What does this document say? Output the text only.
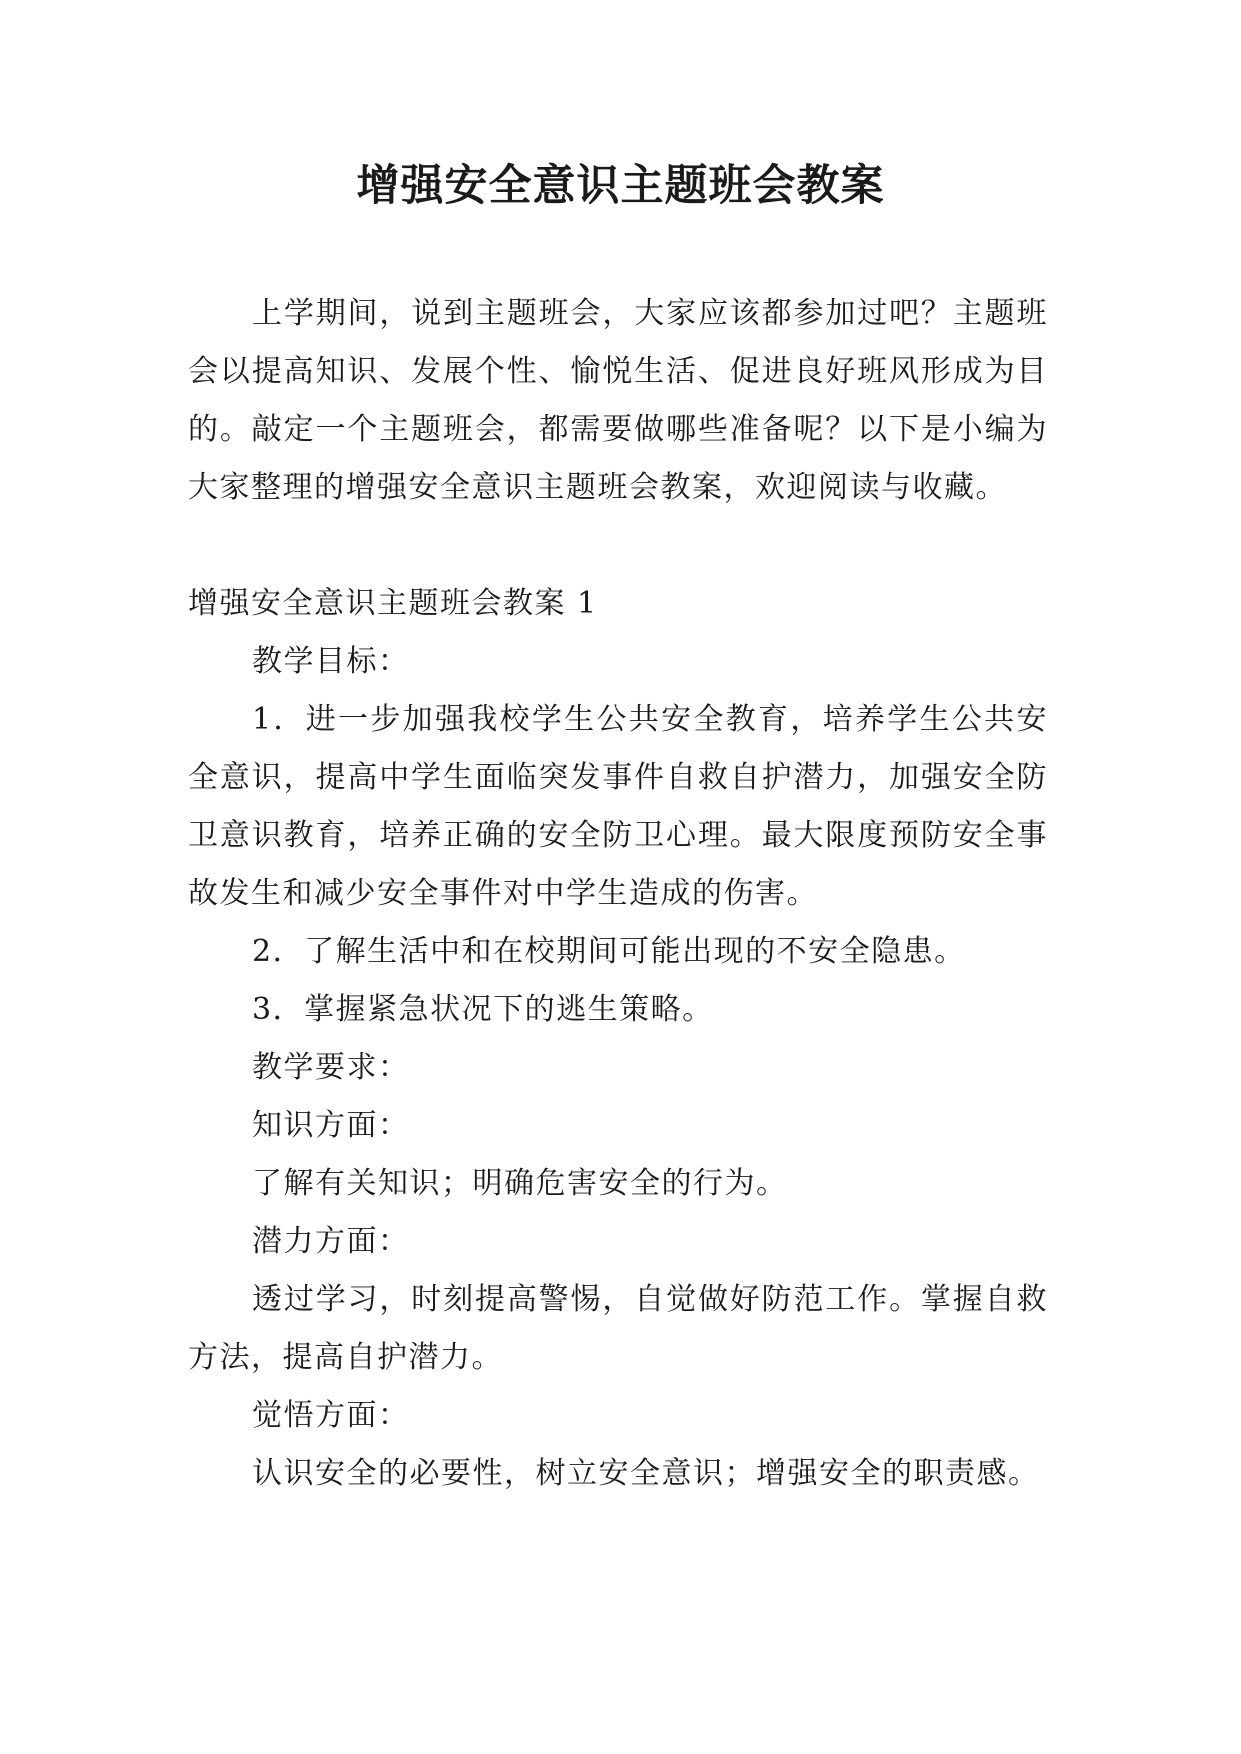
增强安全意识主题班会教案

上学期间，说到主题班会，大家应该都参加过吧？主题班会以提高知识、发展个性、愉悦生活、促进良好班风形成为目的。敲定一个主题班会，都需要做哪些准备呢？以下是小编为大家整理的增强安全意识主题班会教案，欢迎阅读与收藏。

增强安全意识主题班会教案 1

教学目标：

1．进一步加强我校学生公共安全教育，培养学生公共安全意识，提高中学生面临突发事件自救自护潜力，加强安全防卫意识教育，培养正确的安全防卫心理。最大限度预防安全事故发生和减少安全事件对中学生造成的伤害。

2．了解生活中和在校期间可能出现的不安全隐患。

3．掌握紧急状况下的逃生策略。

教学要求：

知识方面：

了解有关知识；明确危害安全的行为。

潜力方面：

透过学习，时刻提高警惕，自觉做好防范工作。掌握自救方法，提高自护潜力。

觉悟方面：

认识安全的必要性，树立安全意识；增强安全的职责感。
